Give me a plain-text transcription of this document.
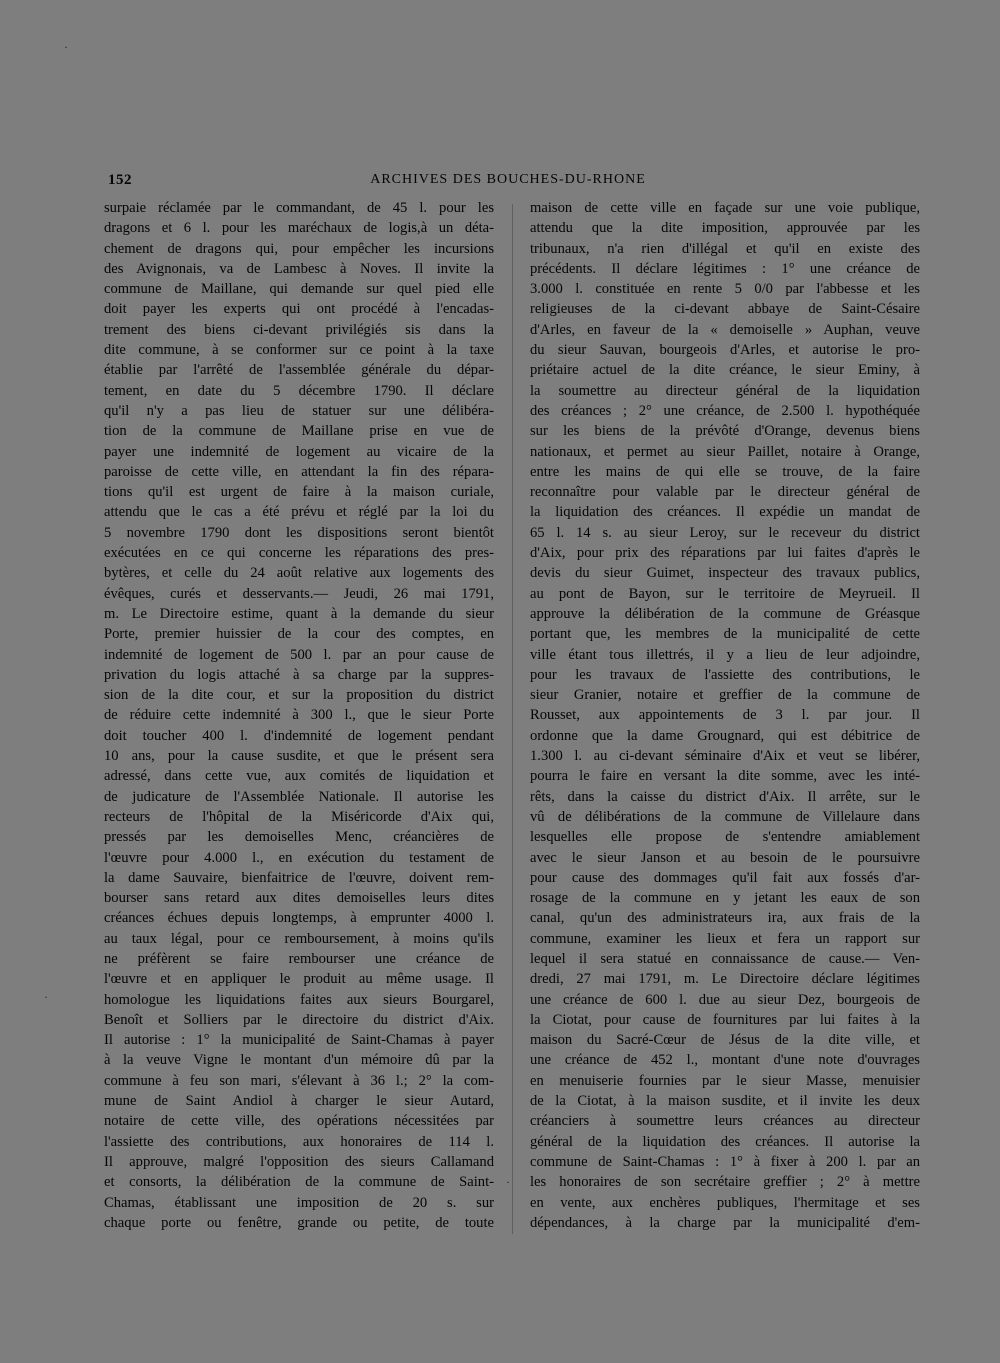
152	ARCHIVES DES BOUCHES-DU-RHONE
surpaie réclamée par le commandant, de 45 l. pour les
dragons et 6 l. pour les maréchaux de logis,à un déta-
chement de dragons qui, pour empêcher les incursions
des Avignonais, va de Lambesc à Noves. Il invite la
commune de Maillane, qui demande sur quel pied elle
doit payer les experts qui ont procédé à l'encadas-
trement des biens ci-devant privilégiés sis dans la
dite commune, à se conformer sur ce point à la taxe
établie par l'arrêté de l'assemblée générale du dépar-
tement, en date du 5 décembre 1790. Il déclare
qu'il n'y a pas lieu de statuer sur une délibéra-
tion de la commune de Maillane prise en vue de
payer une indemnité de logement au vicaire de la
paroisse de cette ville, en attendant la fin des répara-
tions qu'il est urgent de faire à la maison curiale,
attendu que le cas a été prévu et réglé par la loi du
5 novembre 1790 dont les dispositions seront bientôt
exécutées en ce qui concerne les réparations des pres-
bytères, et celle du 24 août relative aux logements des
évêques, curés et desservants.— Jeudi, 26 mai 1791,
m. Le Directoire estime, quant à la demande du sieur
Porte, premier huissier de la cour des comptes, en
indemnité de logement de 500 l. par an pour cause de
privation du logis attaché à sa charge par la suppres-
sion de la dite cour, et sur la proposition du district
de réduire cette indemnité à 300 l., que le sieur Porte
doit toucher 400 l. d'indemnité de logement pendant
10 ans, pour la cause susdite, et que le présent sera
adressé, dans cette vue, aux comités de liquidation et
de judicature de l'Assemblée Nationale. Il autorise les
recteurs de l'hôpital de la Miséricorde d'Aix qui,
pressés par les demoiselles Menc, créancières de
l'œuvre pour 4.000 l., en exécution du testament de
la dame Sauvaire, bienfaitrice de l'œuvre, doivent rem-
bourser sans retard aux dites demoiselles leurs dites
créances échues depuis longtemps, à emprunter 4000 l.
au taux légal, pour ce remboursement, à moins qu'ils
ne préfèrent se faire rembourser une créance de
l'œuvre et en appliquer le produit au même usage. Il
homologue les liquidations faites aux sieurs Bourgarel,
Benoît et Solliers par le directoire du district d'Aix.
Il autorise : 1° la municipalité de Saint-Chamas à payer
à la veuve Vigne le montant d'un mémoire dû par la
commune à feu son mari, s'élevant à 36 l.; 2° la com-
mune de Saint Andiol à charger le sieur Autard,
notaire de cette ville, des opérations nécessitées par
l'assiette des contributions, aux honoraires de 114 l.
Il approuve, malgré l'opposition des sieurs Callamand
et consorts, la délibération de la commune de Saint-
Chamas, établissant une imposition de 20 s. sur
chaque porte ou fenêtre, grande ou petite, de toute
maison de cette ville en façade sur une voie publique,
attendu que la dite imposition, approuvée par les
tribunaux, n'a rien d'illégal et qu'il en existe des
précédents. Il déclare légitimes : 1° une créance de
3.000 l. constituée en rente 5 0/0 par l'abbesse et les
religieuses de la ci-devant abbaye de Saint-Césaire
d'Arles, en faveur de la « demoiselle » Auphan, veuve
du sieur Sauvan, bourgeois d'Arles, et autorise le pro-
priétaire actuel de la dite créance, le sieur Eminy, à
la soumettre au directeur général de la liquidation
des créances ; 2° une créance, de 2.500 l. hypothéquée
sur les biens de la prévôté d'Orange, devenus biens
nationaux, et permet au sieur Paillet, notaire à Orange,
entre les mains de qui elle se trouve, de la faire
reconnaître pour valable par le directeur général de
la liquidation des créances. Il expédie un mandat de
65 l. 14 s. au sieur Leroy, sur le receveur du district
d'Aix, pour prix des réparations par lui faites d'après le
devis du sieur Guimet, inspecteur des travaux publics,
au pont de Bayon, sur le territoire de Meyrueil. Il
approuve la délibération de la commune de Gréasque
portant que, les membres de la municipalité de cette
ville étant tous illettrés, il y a lieu de leur adjoindre,
pour les travaux de l'assiette des contributions, le
sieur Granier, notaire et greffier de la commune de
Rousset, aux appointements de 3 l. par jour. Il
ordonne que la dame Grougnard, qui est débitrice de
1.300 l. au ci-devant séminaire d'Aix et veut se libérer,
pourra le faire en versant la dite somme, avec les inté-
rêts, dans la caisse du district d'Aix. Il arrête, sur le
vû de délibérations de la commune de Villelaure dans
lesquelles elle propose de s'entendre amiablement
avec le sieur Janson et au besoin de le poursuivre
pour cause des dommages qu'il fait aux fossés d'ar-
rosage de la commune en y jetant les eaux de son
canal, qu'un des administrateurs ira, aux frais de la
commune, examiner les lieux et fera un rapport sur
lequel il sera statué en connaissance de cause.— Ven-
dredi, 27 mai 1791, m. Le Directoire déclare légitimes
une créance de 600 l. due au sieur Dez, bourgeois de
la Ciotat, pour cause de fournitures par lui faites à la
maison du Sacré-Cœur de Jésus de la dite ville, et
une créance de 452 l., montant d'une note d'ouvrages
en menuiserie fournies par le sieur Masse, menuisier
de la Ciotat, à la maison susdite, et il invite les deux
créanciers à soumettre leurs créances au directeur
général de la liquidation des créances. Il autorise la
commune de Saint-Chamas : 1° à fixer à 200 l. par an
les honoraires de son secrétaire greffier ; 2° à mettre
en vente, aux enchères publiques, l'hermitage et ses
dépendances, à la charge par la municipalité d'em-
·
·
·
